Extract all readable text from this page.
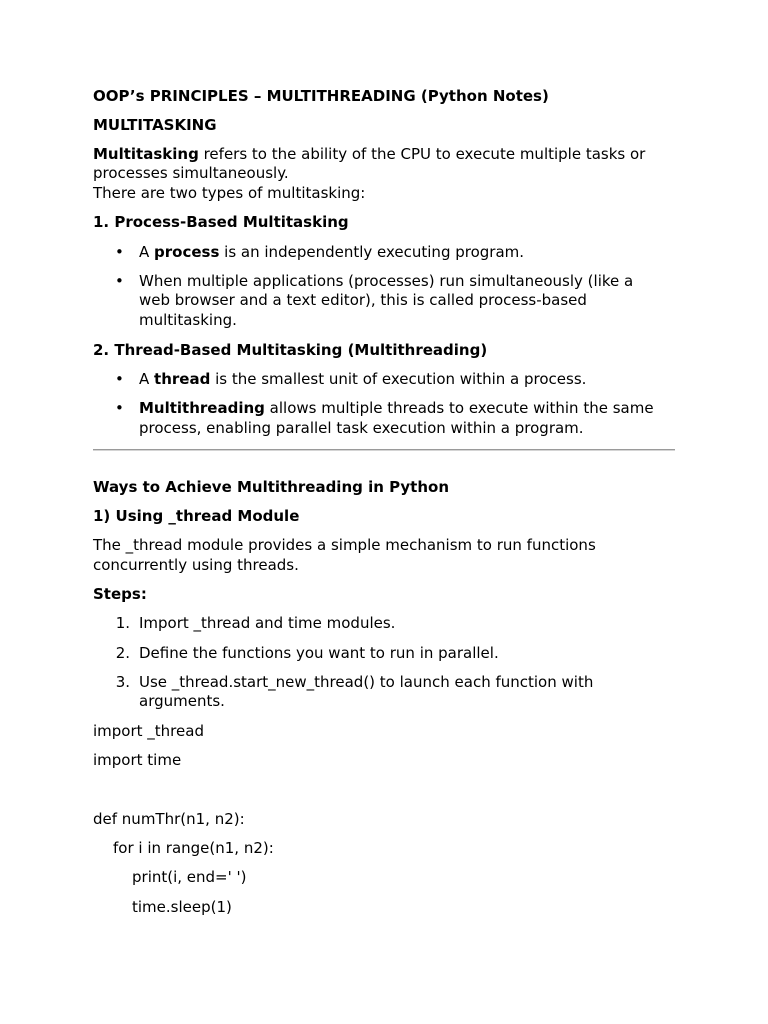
OOP’s PRINCIPLES – MULTITHREADING (Python Notes)
MULTITASKING
Multitasking refers to the ability of the CPU to execute multiple tasks or
processes simultaneously.
There are two types of multitasking:
1. Process-Based Multitasking
• A process is an independently executing program.
• When multiple applications (processes) run simultaneously (like a
web browser and a text editor), this is called process-based
multitasking.
2. Thread-Based Multitasking (Multithreading)
• A thread is the smallest unit of execution within a process.
• Multithreading allows multiple threads to execute within the same
process, enabling parallel task execution within a program.
Ways to Achieve Multithreading in Python
1) Using _thread Module
The _thread module provides a simple mechanism to run functions
concurrently using threads.
Steps:
1. Import _thread and time modules.
2. Define the functions you want to run in parallel.
3. Use _thread.start_new_thread() to launch each function with
arguments.
import _thread
import time
def numThr(n1, n2):
for i in range(n1, n2):
print(i, end=' ')
time.sleep(1)
